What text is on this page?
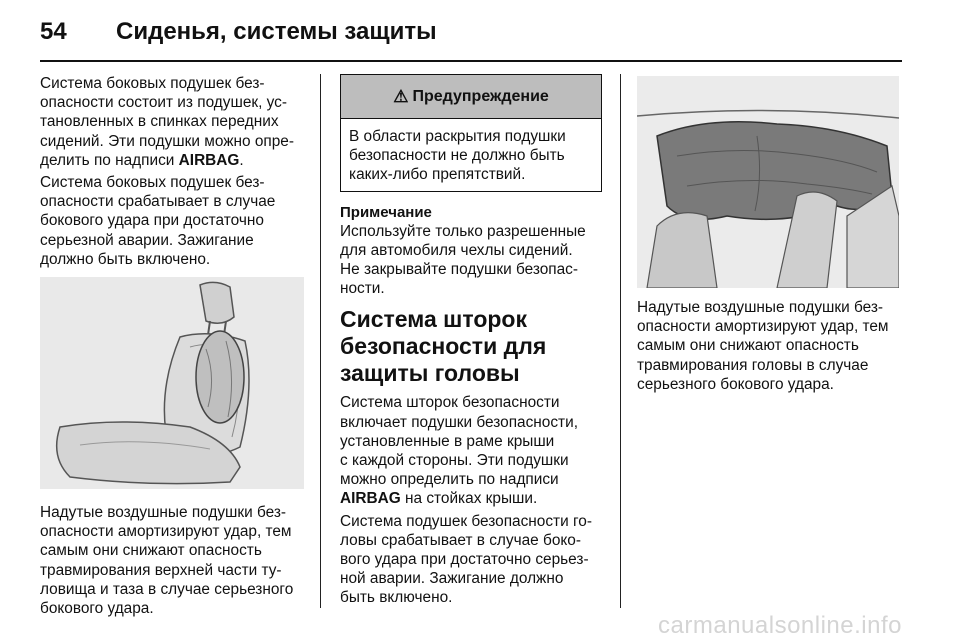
54 Сиденья, системы защиты

Система боковых подушек без-
опасности состоит из подушек, ус-
тановленных в спинках передних
сидений. Эти подушки можно опре-
делить по надписи AIRBAG.

Система боковых подушек без-
опасности срабатывает в случае
бокового удара при достаточно
серьезной аварии. Зажигание
должно быть включено.

Надутые воздушные подушки без-
опасности амортизируют удар, тем
самым они снижают опасность
травмирования верхней части ту-
ловища и таза в случае серьезного
бокового удара.

⚠ Предупреждение
В области раскрытия подушки
безопасности не должно быть
каких-либо препятствий.
Примечание

Используйте только разрешенные
для автомобиля чехлы сидений.
Не закрывайте подушки безопас-
ности.

Система шторок
безопасности для
защиты головы

Система шторок безопасности
включает подушки безопасности,
установленные в раме крыши
с каждой стороны. Эти подушки
можно определить по надписи
AIRBAG на стойках крыши.

Система подушек безопасности го-
ловы срабатывает в случае боко-
вого удара при достаточно серьез-
ной аварии. Зажигание должно
быть включено.

Надутые воздушные подушки без-
опасности амортизируют удар, тем
самым они снижают опасность
травмирования головы в случае
серьезного бокового удара.

carmanualsonline.info
